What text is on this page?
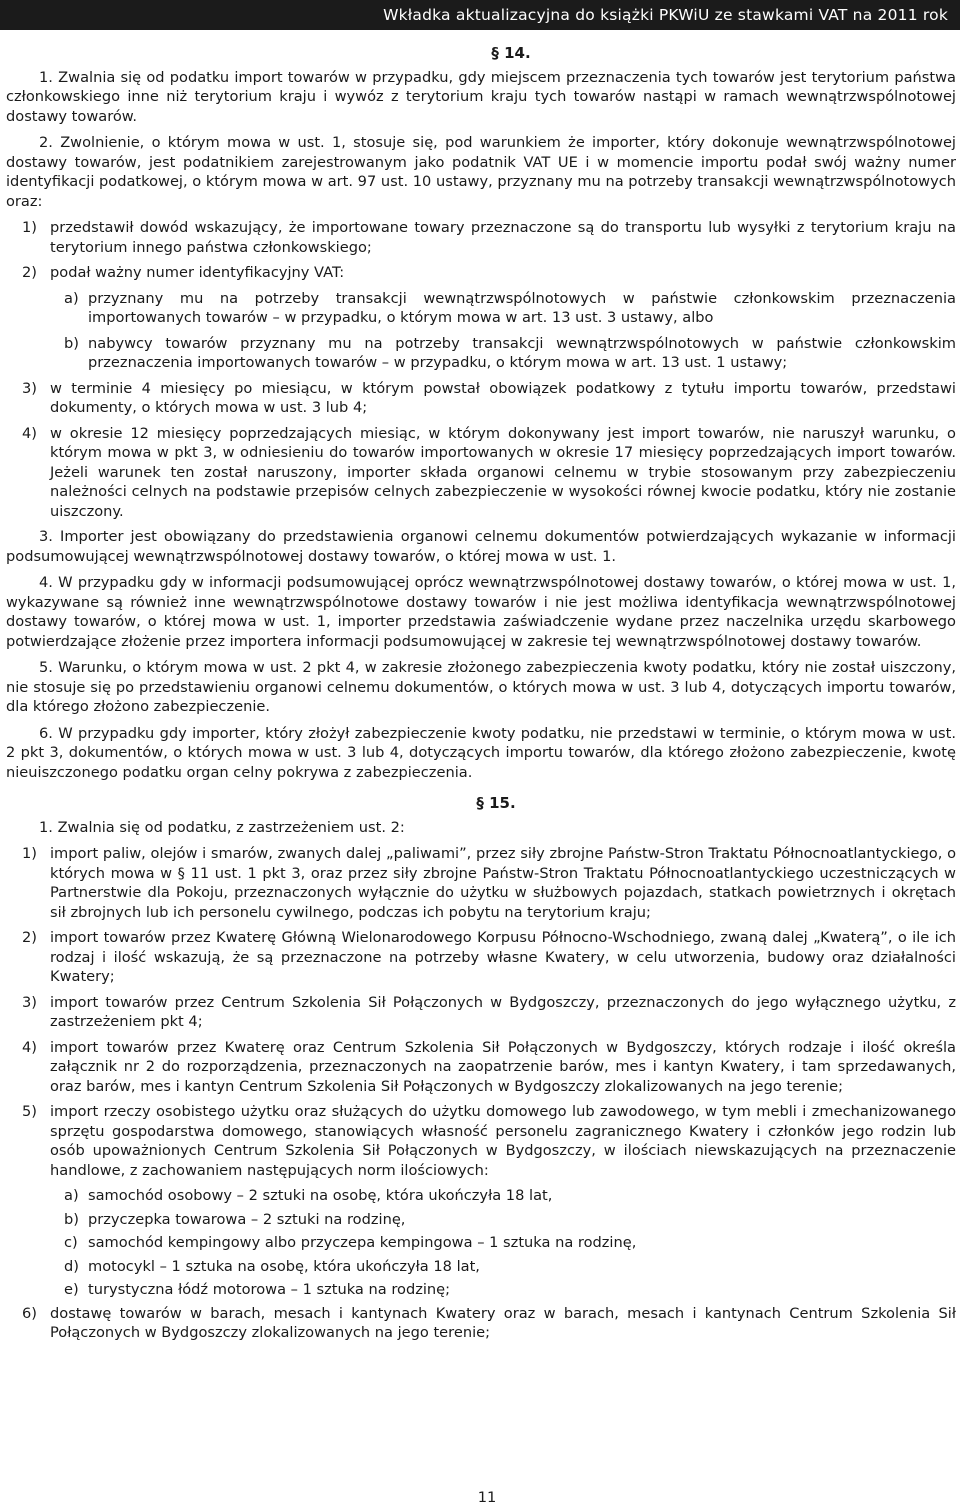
Wkładka aktualizacyjna do książki PKWiU ze stawkami VAT na 2011 rok
§ 14.

1. Zwalnia się od podatku import towarów w przypadku, gdy miejscem przeznaczenia tych towarów jest terytorium państwa członkowskiego inne niż terytorium kraju i wywóz z terytorium kraju tych towarów nastąpi w ramach wewnątrzwspólnotowej dostawy towarów.

2. Zwolnienie, o którym mowa w ust. 1, stosuje się, pod warunkiem że importer, który dokonuje wewnątrzwspólnotowej dostawy towarów, jest podatnikiem zarejestrowanym jako podatnik VAT UE i w momencie importu podał swój ważny numer identyfikacji podatkowej, o którym mowa w art. 97 ust. 10 ustawy, przyznany mu na potrzeby transakcji wewnątrzwspólnotowych oraz:

1) przedstawił dowód wskazujący, że importowane towary przeznaczone są do transportu lub wysyłki z terytorium kraju na terytorium innego państwa członkowskiego;
2) podał ważny numer identyfikacyjny VAT:
a) przyznany mu na potrzeby transakcji wewnątrzwspólnotowych w państwie członkowskim przeznaczenia importowanych towarów – w przypadku, o którym mowa w art. 13 ust. 3 ustawy, albo
b) nabywcy towarów przyznany mu na potrzeby transakcji wewnątrzwspólnotowych w państwie członkowskim przeznaczenia importowanych towarów – w przypadku, o którym mowa w art. 13 ust. 1 ustawy;
3) w terminie 4 miesięcy po miesiącu, w którym powstał obowiązek podatkowy z tytułu importu towarów, przedstawi dokumenty, o których mowa w ust. 3 lub 4;
4) w okresie 12 miesięcy poprzedzających miesiąc, w którym dokonywany jest import towarów, nie naruszył warunku, o którym mowa w pkt 3, w odniesieniu do towarów importowanych w okresie 17 miesięcy poprzedzających import towarów. Jeżeli warunek ten został naruszony, importer składa organowi celnemu w trybie stosowanym przy zabezpieczeniu należności celnych na podstawie przepisów celnych zabezpieczenie w wysokości równej kwocie podatku, który nie zostanie uiszczony.

3. Importer jest obowiązany do przedstawienia organowi celnemu dokumentów potwierdzających wykazanie w informacji podsumowującej wewnątrzwspólnotowej dostawy towarów, o której mowa w ust. 1.

4. W przypadku gdy w informacji podsumowującej oprócz wewnątrzwspólnotowej dostawy towarów, o której mowa w ust. 1, wykazywane są również inne wewnątrzwspólnotowe dostawy towarów i nie jest możliwa identyfikacja wewnątrzwspólnotowej dostawy towarów, o której mowa w ust. 1, importer przedstawia zaświadczenie wydane przez naczelnika urzędu skarbowego potwierdzające złożenie przez importera informacji podsumowującej w zakresie tej wewnątrzwspólnotowej dostawy towarów.

5. Warunku, o którym mowa w ust. 2 pkt 4, w zakresie złożonego zabezpieczenia kwoty podatku, który nie został uiszczony, nie stosuje się po przedstawieniu organowi celnemu dokumentów, o których mowa w ust. 3 lub 4, dotyczących importu towarów, dla którego złożono zabezpieczenie.

6. W przypadku gdy importer, który złożył zabezpieczenie kwoty podatku, nie przedstawi w terminie, o którym mowa w ust. 2 pkt 3, dokumentów, o których mowa w ust. 3 lub 4, dotyczących importu towarów, dla którego złożono zabezpieczenie, kwotę nieuiszczonego podatku organ celny pokrywa z zabezpieczenia.

§ 15.

1. Zwalnia się od podatku, z zastrzeżeniem ust. 2:

1) import paliw, olejów i smarów, zwanych dalej „paliwami”, przez siły zbrojne Państw-Stron Traktatu Północnoatlantyckiego, o których mowa w § 11 ust. 1 pkt 3, oraz przez siły zbrojne Państw-Stron Traktatu Północnoatlantyckiego uczestniczących w Partnerstwie dla Pokoju, przeznaczonych wyłącznie do użytku w służbowych pojazdach, statkach powietrznych i okrętach sił zbrojnych lub ich personelu cywilnego, podczas ich pobytu na terytorium kraju;
2) import towarów przez Kwaterę Główną Wielonarodowego Korpusu Północno-Wschodniego, zwaną dalej „Kwaterą”, o ile ich rodzaj i ilość wskazują, że są przeznaczone na potrzeby własne Kwatery, w celu utworzenia, budowy oraz działalności Kwatery;
3) import towarów przez Centrum Szkolenia Sił Połączonych w Bydgoszczy, przeznaczonych do jego wyłącznego użytku, z zastrzeżeniem pkt 4;
4) import towarów przez Kwaterę oraz Centrum Szkolenia Sił Połączonych w Bydgoszczy, których rodzaje i ilość określa załącznik nr 2 do rozporządzenia, przeznaczonych na zaopatrzenie barów, mes i kantyn Kwatery, i tam sprzedawanych, oraz barów, mes i kantyn Centrum Szkolenia Sił Połączonych w Bydgoszczy zlokalizowanych na jego terenie;
5) import rzeczy osobistego użytku oraz służących do użytku domowego lub zawodowego, w tym mebli i zmechanizowanego sprzętu gospodarstwa domowego, stanowiących własność personelu zagranicznego Kwatery i członków jego rodzin lub osób upoważnionych Centrum Szkolenia Sił Połączonych w Bydgoszczy, w ilościach niewskazujących na przeznaczenie handlowe, z zachowaniem następujących norm ilościowych:
a) samochód osobowy – 2 sztuki na osobę, która ukończyła 18 lat,
b) przyczepka towarowa – 2 sztuki na rodzinę,
c) samochód kempingowy albo przyczepa kempingowa – 1 sztuka na rodzinę,
d) motocykl – 1 sztuka na osobę, która ukończyła 18 lat,
e) turystyczna łódź motorowa – 1 sztuka na rodzinę;
6) dostawę towarów w barach, mesach i kantynach Kwatery oraz w barach, mesach i kantynach Centrum Szkolenia Sił Połączonych w Bydgoszczy zlokalizowanych na jego terenie;
11
